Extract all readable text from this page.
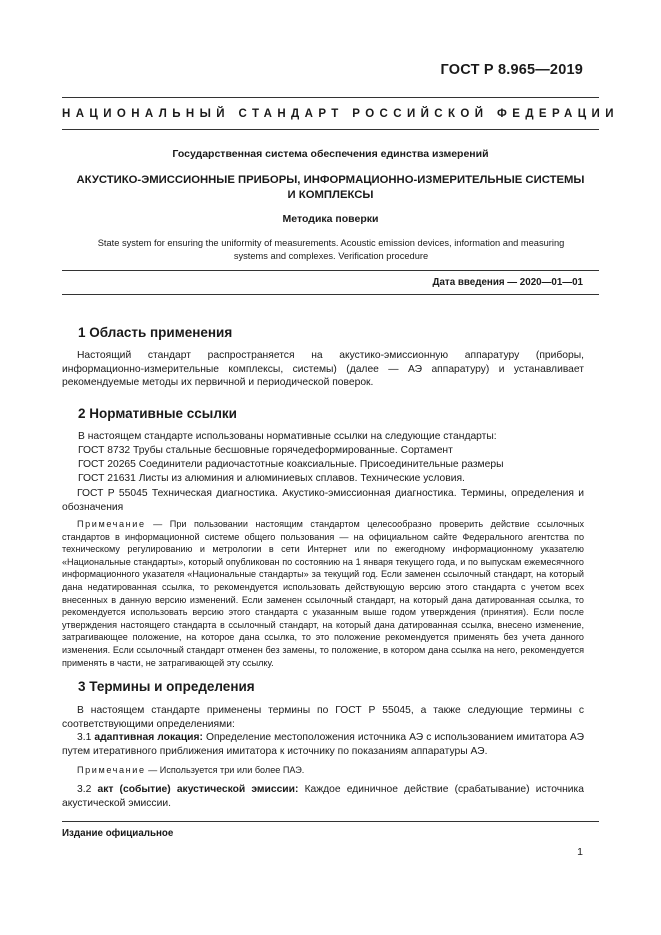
ГОСТ Р 8.965—2019
НАЦИОНАЛЬНЫЙ СТАНДАРТ РОССИЙСКОЙ ФЕДЕРАЦИИ
Государственная система обеспечения единства измерений
АКУСТИКО-ЭМИССИОННЫЕ ПРИБОРЫ, ИНФОРМАЦИОННО-ИЗМЕРИТЕЛЬНЫЕ СИСТЕМЫ
И КОМПЛЕКСЫ
Методика поверки
State system for ensuring the uniformity of measurements. Acoustic emission devices, information and measuring
systems and complexes. Verification procedure
Дата введения — 2020—01—01
1 Область применения
Настоящий стандарт распространяется на акустико-эмиссионную аппаратуру (приборы, информационно-измерительные комплексы, системы) (далее — АЭ аппаратуру) и устанавливает рекомендуемые методы их первичной и периодической поверок.
2 Нормативные ссылки
В настоящем стандарте использованы нормативные ссылки на следующие стандарты:
ГОСТ 8732 Трубы стальные бесшовные горячедеформированные. Сортамент
ГОСТ 20265 Соединители радиочастотные коаксиальные. Присоединительные размеры
ГОСТ 21631 Листы из алюминия и алюминиевых сплавов. Технические условия.
ГОСТ Р 55045 Техническая диагностика. Акустико-эмиссионная диагностика. Термины, определения и обозначения
Примечание — При пользовании настоящим стандартом целесообразно проверить действие ссылочных стандартов в информационной системе общего пользования — на официальном сайте Федерального агентства по техническому регулированию и метрологии в сети Интернет или по ежегодному информационному указателю «Национальные стандарты», который опубликован по состоянию на 1 января текущего года, и по выпускам ежемесячного информационного указателя «Национальные стандарты» за текущий год. Если заменен ссылочный стандарт, на который дана недатированная ссылка, то рекомендуется использовать действующую версию этого стандарта с учетом всех внесенных в данную версию изменений. Если заменен ссылочный стандарт, на который дана датированная ссылка, то рекомендуется использовать версию этого стандарта с указанным выше годом утверждения (принятия). Если после утверждения настоящего стандарта в ссылочный стандарт, на который дана датированная ссылка, внесено изменение, затрагивающее положение, на которое дана ссылка, то это положение рекомендуется применять без учета данного изменения. Если ссылочный стандарт отменен без замены, то положение, в котором дана ссылка на него, рекомендуется применять в части, не затрагивающей эту ссылку.
3 Термины и определения
В настоящем стандарте применены термины по ГОСТ Р 55045, а также следующие термины с соответствующими определениями:
3.1 адаптивная локация: Определение местоположения источника АЭ с использованием имитатора АЭ путем итеративного приближения имитатора к источнику по показаниям аппаратуры АЭ.
Примечание — Используется три или более ПАЭ.
3.2 акт (событие) акустической эмиссии: Каждое единичное действие (срабатывание) источника акустической эмиссии.
Издание официальное
1
